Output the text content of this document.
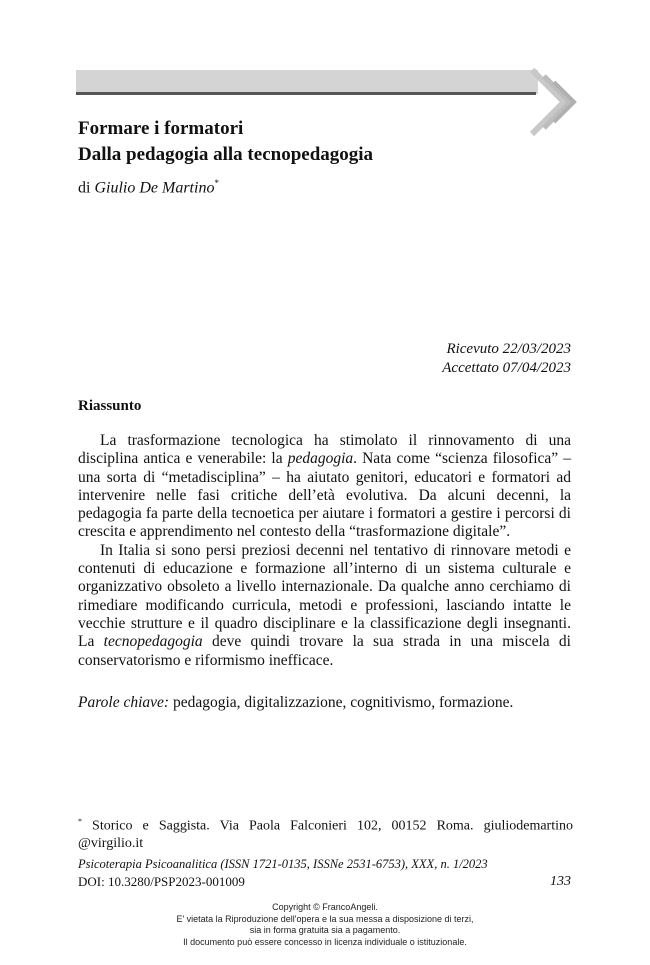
Formare i formatori
Dalla pedagogia alla tecnopedagogia
di Giulio De Martino*
Ricevuto 22/03/2023
Accettato 07/04/2023
Riassunto

La trasformazione tecnologica ha stimolato il rinnovamento di una disciplina antica e venerabile: la pedagogia. Nata come “scienza filosofica” – una sorta di “metadisciplina” – ha aiutato genitori, educatori e formatori ad intervenire nelle fasi critiche dell’età evolutiva. Da alcuni decenni, la pedagogia fa parte della tecnoetica per aiutare i formatori a gestire i percorsi di crescita e apprendimento nel contesto della “trasformazione digitale”.

In Italia si sono persi preziosi decenni nel tentativo di rinnovare metodi e contenuti di educazione e formazione all’interno di un sistema culturale e organizzativo obsoleto a livello internazionale. Da qualche anno cerchiamo di rimediare modificando curricula, metodi e professioni, lasciando intatte le vecchie strutture e il quadro disciplinare e la classificazione degli insegnanti. La tecnopedagogia deve quindi trovare la sua strada in una miscela di conservatorismo e riformismo inefficace.

Parole chiave: pedagogia, digitalizzazione, cognitivismo, formazione.
* Storico e Saggista. Via Paola Falconieri 102, 00152 Roma. giuliodemartino @virgilio.it
Psicoterapia Psicoanalitica (ISSN 1721-0135, ISSNe 2531-6753), XXX, n. 1/2023
DOI: 10.3280/PSP2023-001009	133
Copyright © FrancoAngeli.
E' vietata la Riproduzione dell'opera e la sua messa a disposizione di terzi,
sia in forma gratuita sia a pagamento.
Il documento può essere concesso in licenza individuale o istituzionale.
